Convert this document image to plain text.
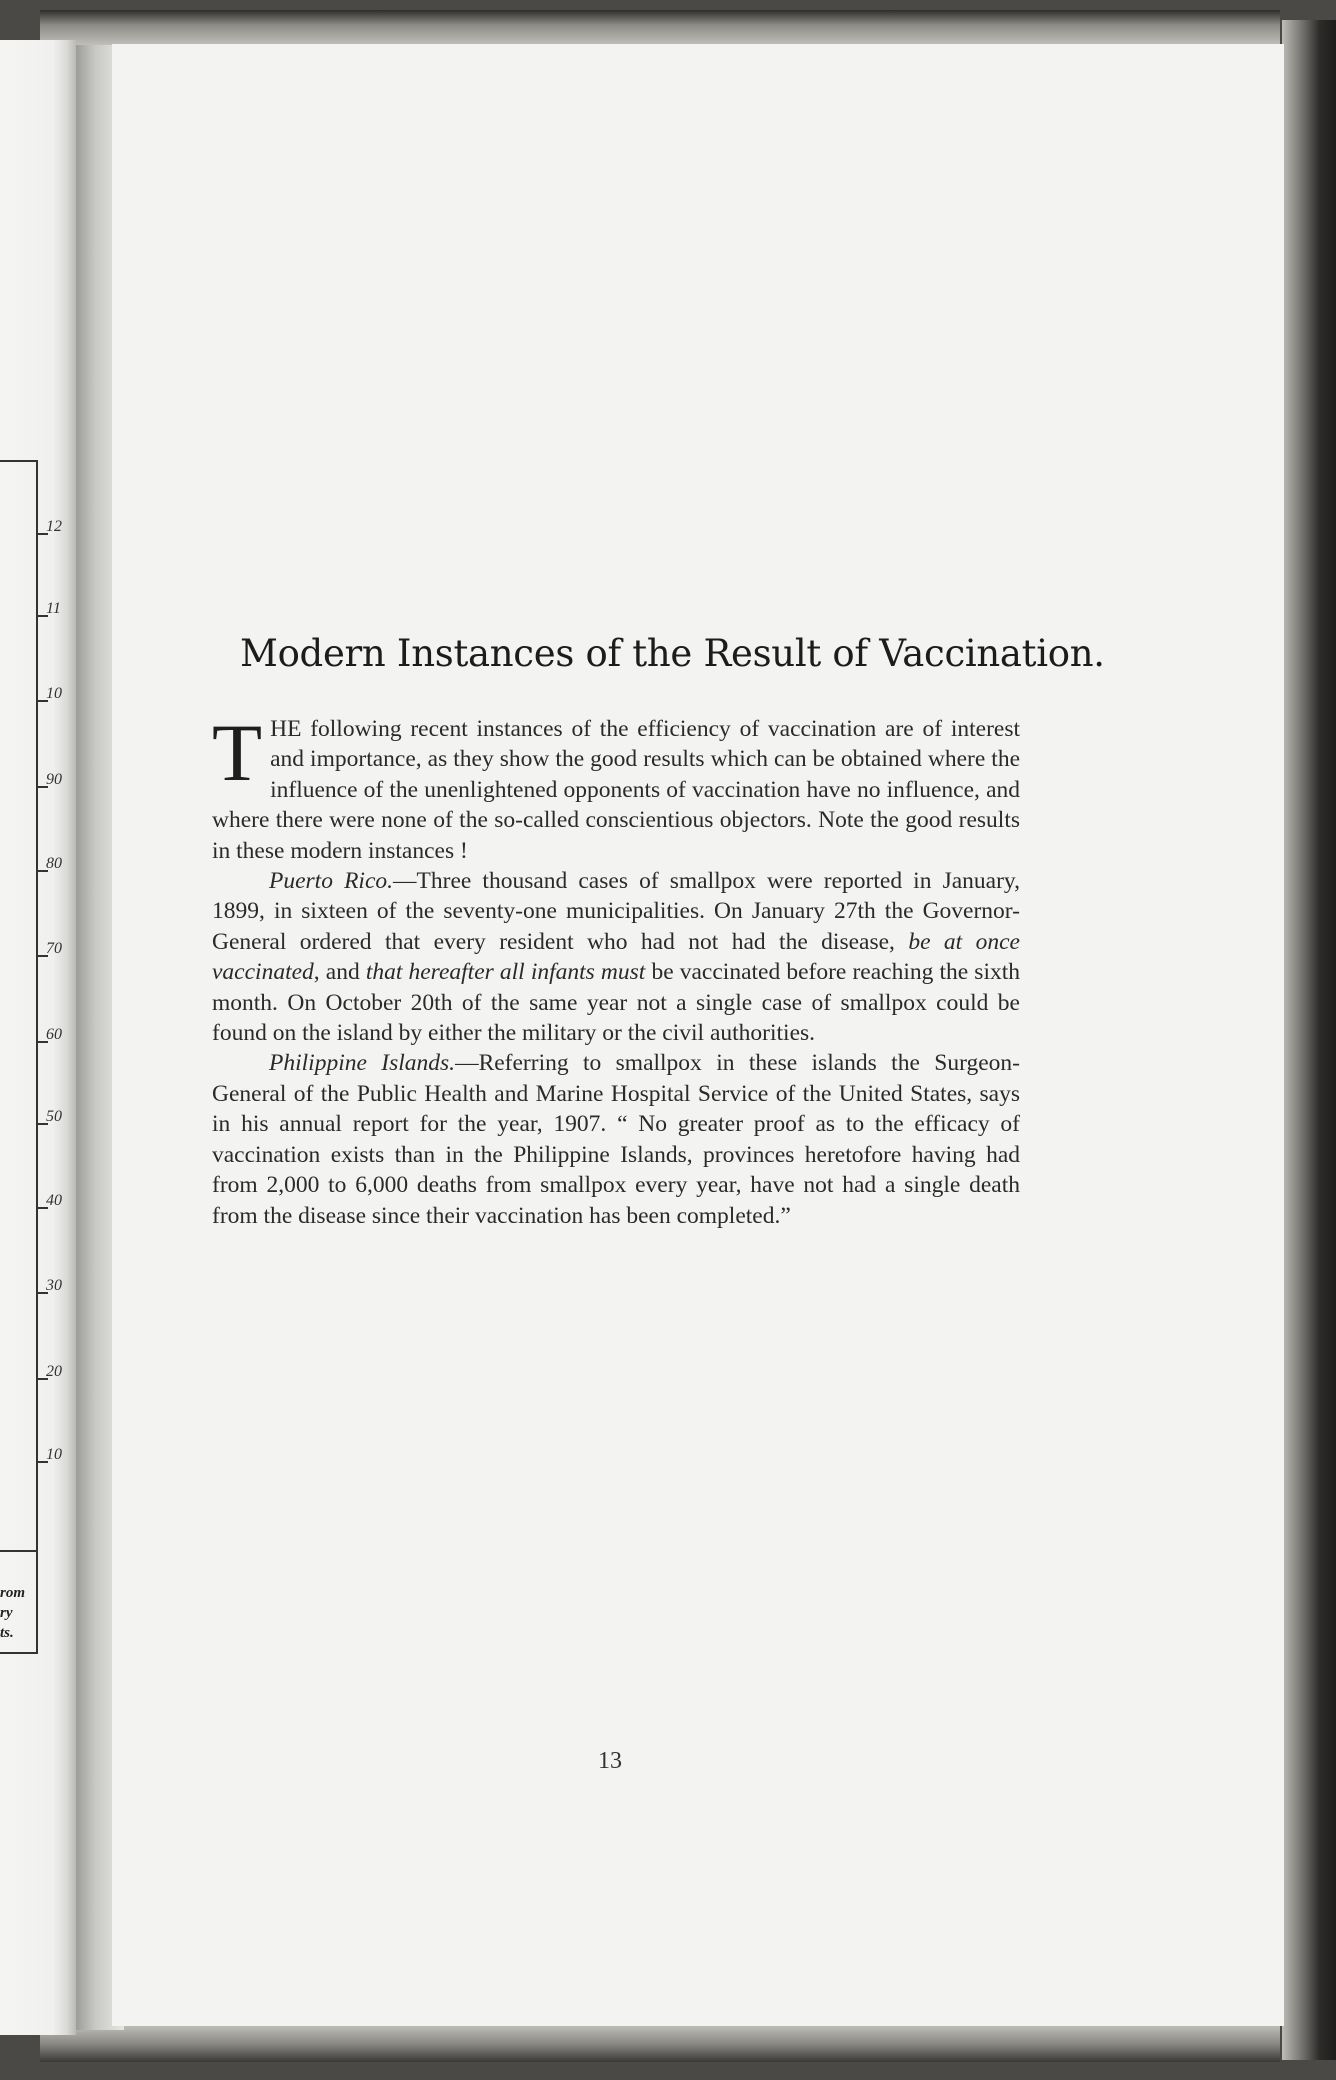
12
11
10
90
80
70
60
50
40
30
20
10
rom
ry
ts.
Modern Instances of the Result of Vaccination.

THE following recent instances of the efficiency of vaccination are of interest and importance, as they show the good results which can be obtained where the influence of the unenlightened opponents of vaccination have no influence, and where there were none of the so-called conscientious objectors. Note the good results in these modern instances !

Puerto Rico.—Three thousand cases of smallpox were reported in January, 1899, in sixteen of the seventy-one municipalities. On January 27th the Governor-General ordered that every resident who had not had the disease, be at once vaccinated, and that hereafter all infants must be vaccinated before reaching the sixth month. On October 20th of the same year not a single case of smallpox could be found on the island by either the military or the civil authorities.

Philippine Islands.—Referring to smallpox in these islands the Surgeon-General of the Public Health and Marine Hospital Service of the United States, says in his annual report for the year, 1907. “ No greater proof as to the efficacy of vaccination exists than in the Philippine Islands, provinces heretofore having had from 2,000 to 6,000 deaths from smallpox every year, have not had a single death from the disease since their vaccination has been completed.”

13
